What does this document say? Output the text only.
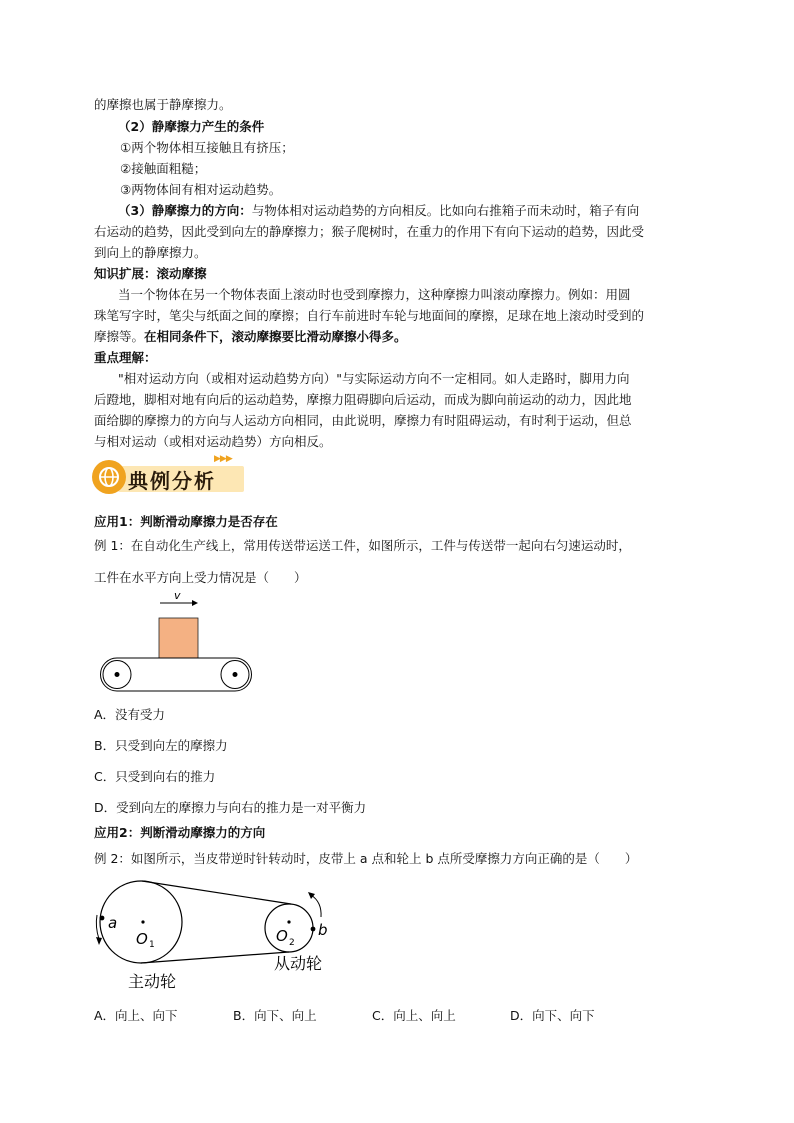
的摩擦也属于静摩擦力。
（2）静摩擦力产生的条件
①两个物体相互接触且有挤压；
②接触面粗糙；
③两物体间有相对运动趋势。
（3）静摩擦力的方向：与物体相对运动趋势的方向相反。比如向右推箱子而未动时，箱子有向
右运动的趋势，因此受到向左的静摩擦力；猴子爬树时，在重力的作用下有向下运动的趋势，因此受
到向上的静摩擦力。
知识扩展：滚动摩擦
当一个物体在另一个物体表面上滚动时也受到摩擦力，这种摩擦力叫滚动摩擦力。例如：用圆
珠笔写字时，笔尖与纸面之间的摩擦；自行车前进时车轮与地面间的摩擦，足球在地上滚动时受到的
摩擦等。在相同条件下，滚动摩擦要比滑动摩擦小得多。
重点理解：
"相对运动方向（或相对运动趋势方向）"与实际运动方向不一定相同。如人走路时，脚用力向
后蹬地，脚相对地有向后的运动趋势，摩擦力阻碍脚向后运动，而成为脚向前运动的动力，因此地
面给脚的摩擦力的方向与人运动方向相同，由此说明，摩擦力有时阻碍运动，有时利于运动，但总
与相对运动（或相对运动趋势）方向相反。
▶▶▶
典例分析
应用1：判断滑动摩擦力是否存在
例 1：在自动化生产线上，常用传送带运送工件，如图所示，工件与传送带一起向右匀速运动时，
工件在水平方向上受力情况是（　　）
v
A．没有受力
B．只受到向左的摩擦力
C．只受到向右的推力
D．受到向左的摩擦力与向右的推力是一对平衡力
应用2：判断滑动摩擦力的方向
例 2：如图所示，当皮带逆时针转动时，皮带上 a 点和轮上 b 点所受摩擦力方向正确的是（　　）
a
O 1	O 2
b
主动轮
从动轮
A．向上、向下	B．向下、向上	C．向上、向上	D．向下、向下
